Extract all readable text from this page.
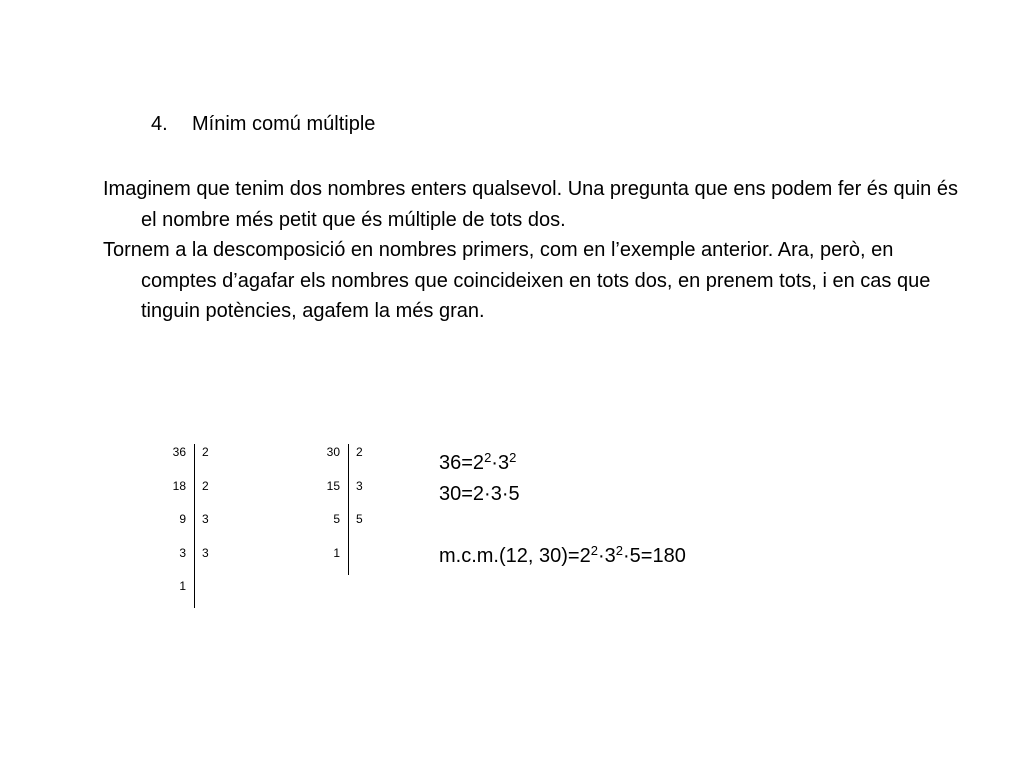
4. Mínim comú múltiple

Imaginem que tenim dos nombres enters qualsevol. Una pregunta que ens podem fer és quin és el nombre més petit que és múltiple de tots dos.

Tornem a la descomposició en nombres primers, com en l’exemple anterior. Ara, però, en comptes d’agafar els nombres que coincideixen en tots dos, en prenem tots, i en cas que tinguin potències, agafem la més gran.

36 2
18 2
9 3
3 3
1
30 2
15 3
5 5
1
$36=2^2\cdot 3^2$
30=2·3·5
m.c.m.(12, $30)=2^2\cdot 3^2\cdot 5=180$
